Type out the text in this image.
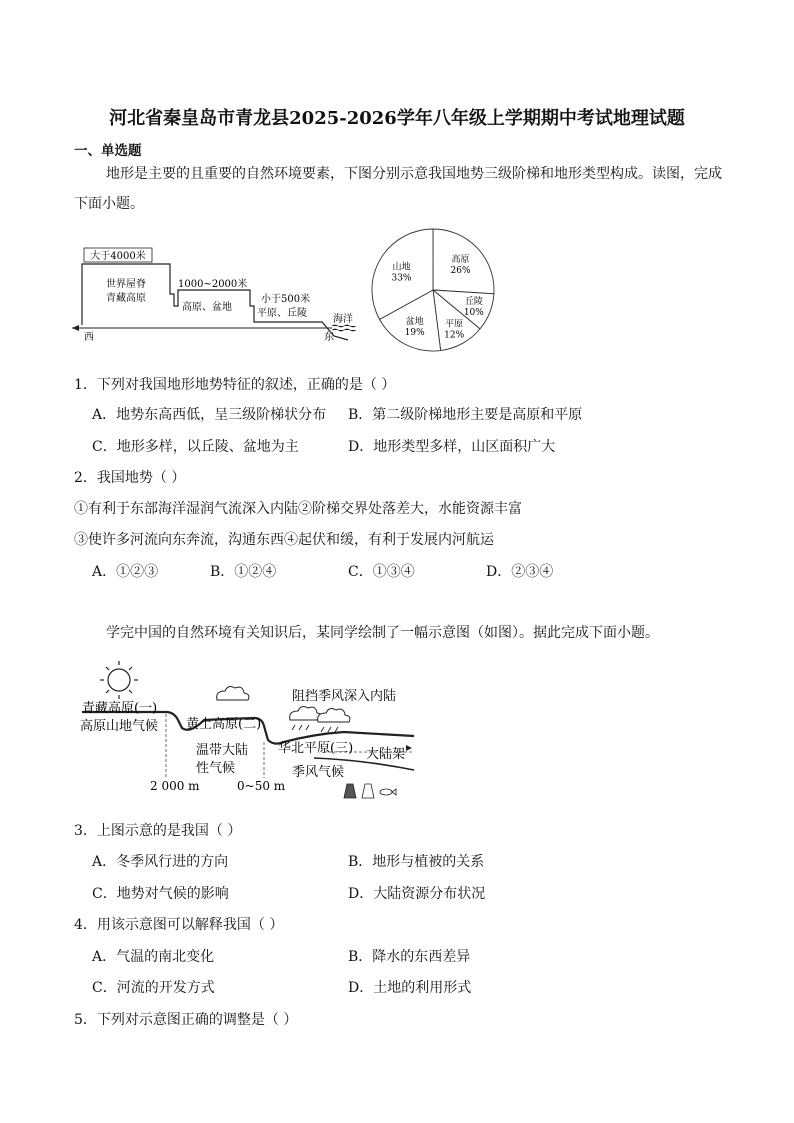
河北省秦皇岛市青龙县2025-2026学年八年级上学期期中考试地理试题
一、单选题
地形是主要的且重要的自然环境要素，下图分别示意我国地势三级阶梯和地形类型构成。读图，完成
下面小题。
大于4000米
世界屋脊
青藏高原
1000~2000米
高原、盆地
小于500米
平原、丘陵
海洋
西	东
高原
26%
丘陵
10%
平原
12%
盆地
19%
山地
33%
1．下列对我国地形地势特征的叙述，正确的是（ ）
A．地势东高西低，呈三级阶梯状分布 B．第二级阶梯地形主要是高原和平原
C．地形多样，以丘陵、盆地为主	D．地形类型多样，山区面积广大
2．我国地势（ ）
①有利于东部海洋湿润气流深入内陆②阶梯交界处落差大，水能资源丰富
③使许多河流向东奔流，沟通东西④起伏和缓，有利于发展内河航运
A．①②③	B．①②④	C．①③④	D．②③④
学完中国的自然环境有关知识后，某同学绘制了一幅示意图（如图）。据此完成下面小题。
青藏高原(一)
高原山地气候 黄土高原(二)
阻挡季风深入内陆
温带大陆
性气候
华北平原(三) 大陆架
季风气候
2 000 m	0~50 m
3．上图示意的是我国（ ）
A．冬季风行进的方向	B．地形与植被的关系
C．地势对气候的影响	D．大陆资源分布状况
4．用该示意图可以解释我国（ ）
A．气温的南北变化	B．降水的东西差异
C．河流的开发方式	D．土地的利用形式
5．下列对示意图正确的调整是（ ）
